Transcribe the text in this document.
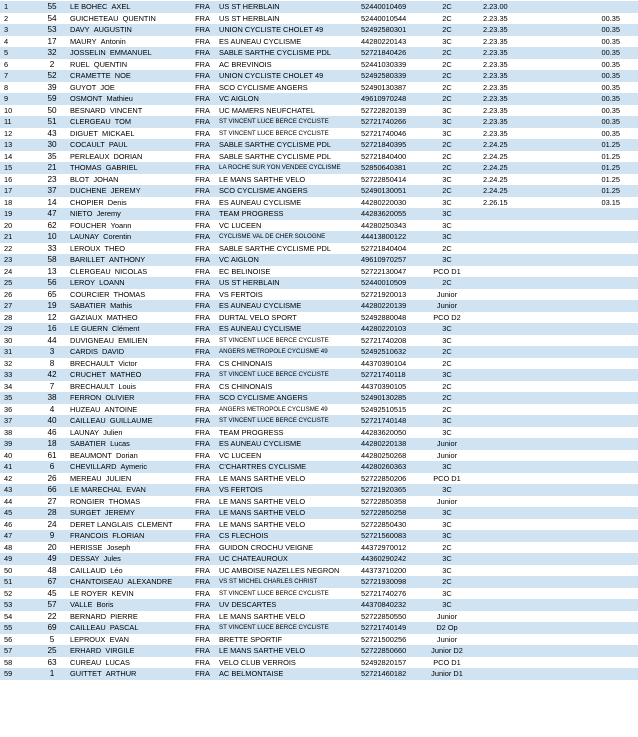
1	55	LE BOHEC AXEL	FRA	US ST HERBLAIN	52440010469	2C	2.23.00	
2	54	GUICHETEAU QUENTIN	FRA	US ST HERBLAIN	52440010544	2C	2.23.35	00.35
3	53	DAVY AUGUSTIN	FRA	UNION CYCLISTE CHOLET 49	52492580301	2C	2.23.35	00.35
4	17	MAURY Antonin	FRA	ES AUNEAU CYCLISME	44280220143	3C	2.23.35	00.35
5	32	JOSSELIN EMMANUEL	FRA	SABLE SARTHE CYCLISME PDL	52721840426	2C	2.23.35	00.35
6	2	RUEL QUENTIN	FRA	AC BREVINOIS	52441030339	2C	2.23.35	00.35
7	52	CRAMETTE NOE	FRA	UNION CYCLISTE CHOLET 49	52492580339	2C	2.23.35	00.35
8	39	GUYOT JOE	FRA	SCO CYCLISME ANGERS	52490130387	2C	2.23.35	00.35
9	59	OSMONT Mathieu	FRA	VC AIGLON	49610970248	2C	2.23.35	00.35
10	50	BESNARD VINCENT	FRA	UC MAMERS NEUFCHATEL	52722820139	3C	2.23.35	00.35
11	51	CLERGEAU TOM	FRA	ST VINCENT LUCE BERCE CYCLISTE	52721740266	3C	2.23.35	00.35
12	43	DIGUET MICKAEL	FRA	ST VINCENT LUCE BERCE CYCLISTE	52721740046	3C	2.23.35	00.35
13	30	COCAULT PAUL	FRA	SABLE SARTHE CYCLISME PDL	52721840395	2C	2.24.25	01.25
14	35	PERLEAUX DORIAN	FRA	SABLE SARTHE CYCLISME PDL	52721840400	2C	2.24.25	01.25
15	21	THOMAS GABRIEL	FRA	LA ROCHE SUR YON VENDEE CYCLISME	52850640381	2C	2.24.25	01.25
16	23	BLOT JOHAN	FRA	LE MANS SARTHE VELO	52722850414	3C	2.24.25	01.25
17	37	DUCHENE JEREMY	FRA	SCO CYCLISME ANGERS	52490130051	2C	2.24.25	01.25
18	14	CHOPIER Denis	FRA	ES AUNEAU CYCLISME	44280220030	3C	2.26.15	03.15
19	47	NIETO Jeremy	FRA	TEAM PROGRESS	44283620055	3C		
20	62	FOUCHER Yoann	FRA	VC LUCEEN	44280250343	3C		
21	10	LAUNAY Corentin	FRA	CYCLISME VAL DE CHER SOLOGNE	44413800122	3C		
22	33	LEROUX THEO	FRA	SABLE SARTHE CYCLISME PDL	52721840404	2C		
23	58	BARILLET ANTHONY	FRA	VC AIGLON	49610970257	3C		
24	13	CLERGEAU NICOLAS	FRA	EC BELINOISE	52722130047	PCO D1		
25	56	LEROY LOANN	FRA	US ST HERBLAIN	52440010509	2C		
26	65	COURCIER THOMAS	FRA	VS FERTOIS	52721920013	Junior		
27	19	SABATIER Mathis	FRA	ES AUNEAU CYCLISME	44280220139	Junior		
28	12	GAZIAUX MATHEO	FRA	DURTAL VELO SPORT	52492880048	PCO D2		
29	16	LE GUERN Clément	FRA	ES AUNEAU CYCLISME	44280220103	3C		
30	44	DUVIGNEAU EMILIEN	FRA	ST VINCENT LUCE BERCE CYCLISTE	52721740208	3C		
31	3	CARDIS DAVID	FRA	ANGERS METROPOLE CYCLISME 49	52492510632	2C		
32	8	BRECHAULT Victor	FRA	CS CHINONAIS	44370390104	2C		
33	42	CRUCHET MATHEO	FRA	ST VINCENT LUCE BERCE CYCLISTE	52721740118	3C		
34	7	BRECHAULT Louis	FRA	CS CHINONAIS	44370390105	2C		
35	38	FERRON OLIVIER	FRA	SCO CYCLISME ANGERS	52490130285	2C		
36	4	HUZEAU ANTOINE	FRA	ANGERS METROPOLE CYCLISME 49	52492510515	2C		
37	40	CAILLEAU GUILLAUME	FRA	ST VINCENT LUCE BERCE CYCLISTE	52721740148	3C		
38	46	LAUNAY Julien	FRA	TEAM PROGRESS	44283620050	3C		
39	18	SABATIER Lucas	FRA	ES AUNEAU CYCLISME	44280220138	Junior		
40	61	BEAUMONT Dorian	FRA	VC LUCEEN	44280250268	Junior		
41	6	CHEVILLARD Aymeric	FRA	C'CHARTRES CYCLISME	44280260363	3C		
42	26	MEREAU JULIEN	FRA	LE MANS SARTHE VELO	52722850206	PCO D1		
43	66	LE MARECHAL EVAN	FRA	VS FERTOIS	52721920365	3C		
44	27	RONGIER THOMAS	FRA	LE MANS SARTHE VELO	52722850358	Junior		
45	28	SURGET JEREMY	FRA	LE MANS SARTHE VELO	52722850258	3C		
46	24	DERET LANGLAIS CLEMENT	FRA	LE MANS SARTHE VELO	52722850430	3C		
47	9	FRANCOIS FLORIAN	FRA	CS FLECHOIS	52721560083	3C		
48	20	HERISSE Joseph	FRA	GUIDON CROCHU VEIGNE	44372970012	2C		
49	49	DESSAY Jules	FRA	UC CHATEAUROUX	44360290242	3C		
50	48	CAILLAUD Léo	FRA	UC AMBOISE NAZELLES NEGRON	44373710200	3C		
51	67	CHANTOISEAU ALEXANDRE	FRA	VS ST MICHEL CHARLES CHRIST	52721930098	2C		
52	45	LE ROYER KEVIN	FRA	ST VINCENT LUCE BERCE CYCLISTE	52721740276	3C		
53	57	VALLE Boris	FRA	UV DESCARTES	44370840232	3C		
54	22	BERNARD PIERRE	FRA	LE MANS SARTHE VELO	52722850550	Junior		
55	69	CAILLEAU PASCAL	FRA	ST VINCENT LUCE BERCE CYCLISTE	52721740149	D2 Op		
56	5	LEPROUX EVAN	FRA	BRETTE SPORTIF	52721500256	Junior		
57	25	ERHARD VIRGILE	FRA	LE MANS SARTHE VELO	52722850660	Junior D2		
58	63	CUREAU LUCAS	FRA	VELO CLUB VERROIS	52492820157	PCO D1		
59	1	GUITTET ARTHUR	FRA	AC BELMONTAISE	52721460182	Junior D1		
